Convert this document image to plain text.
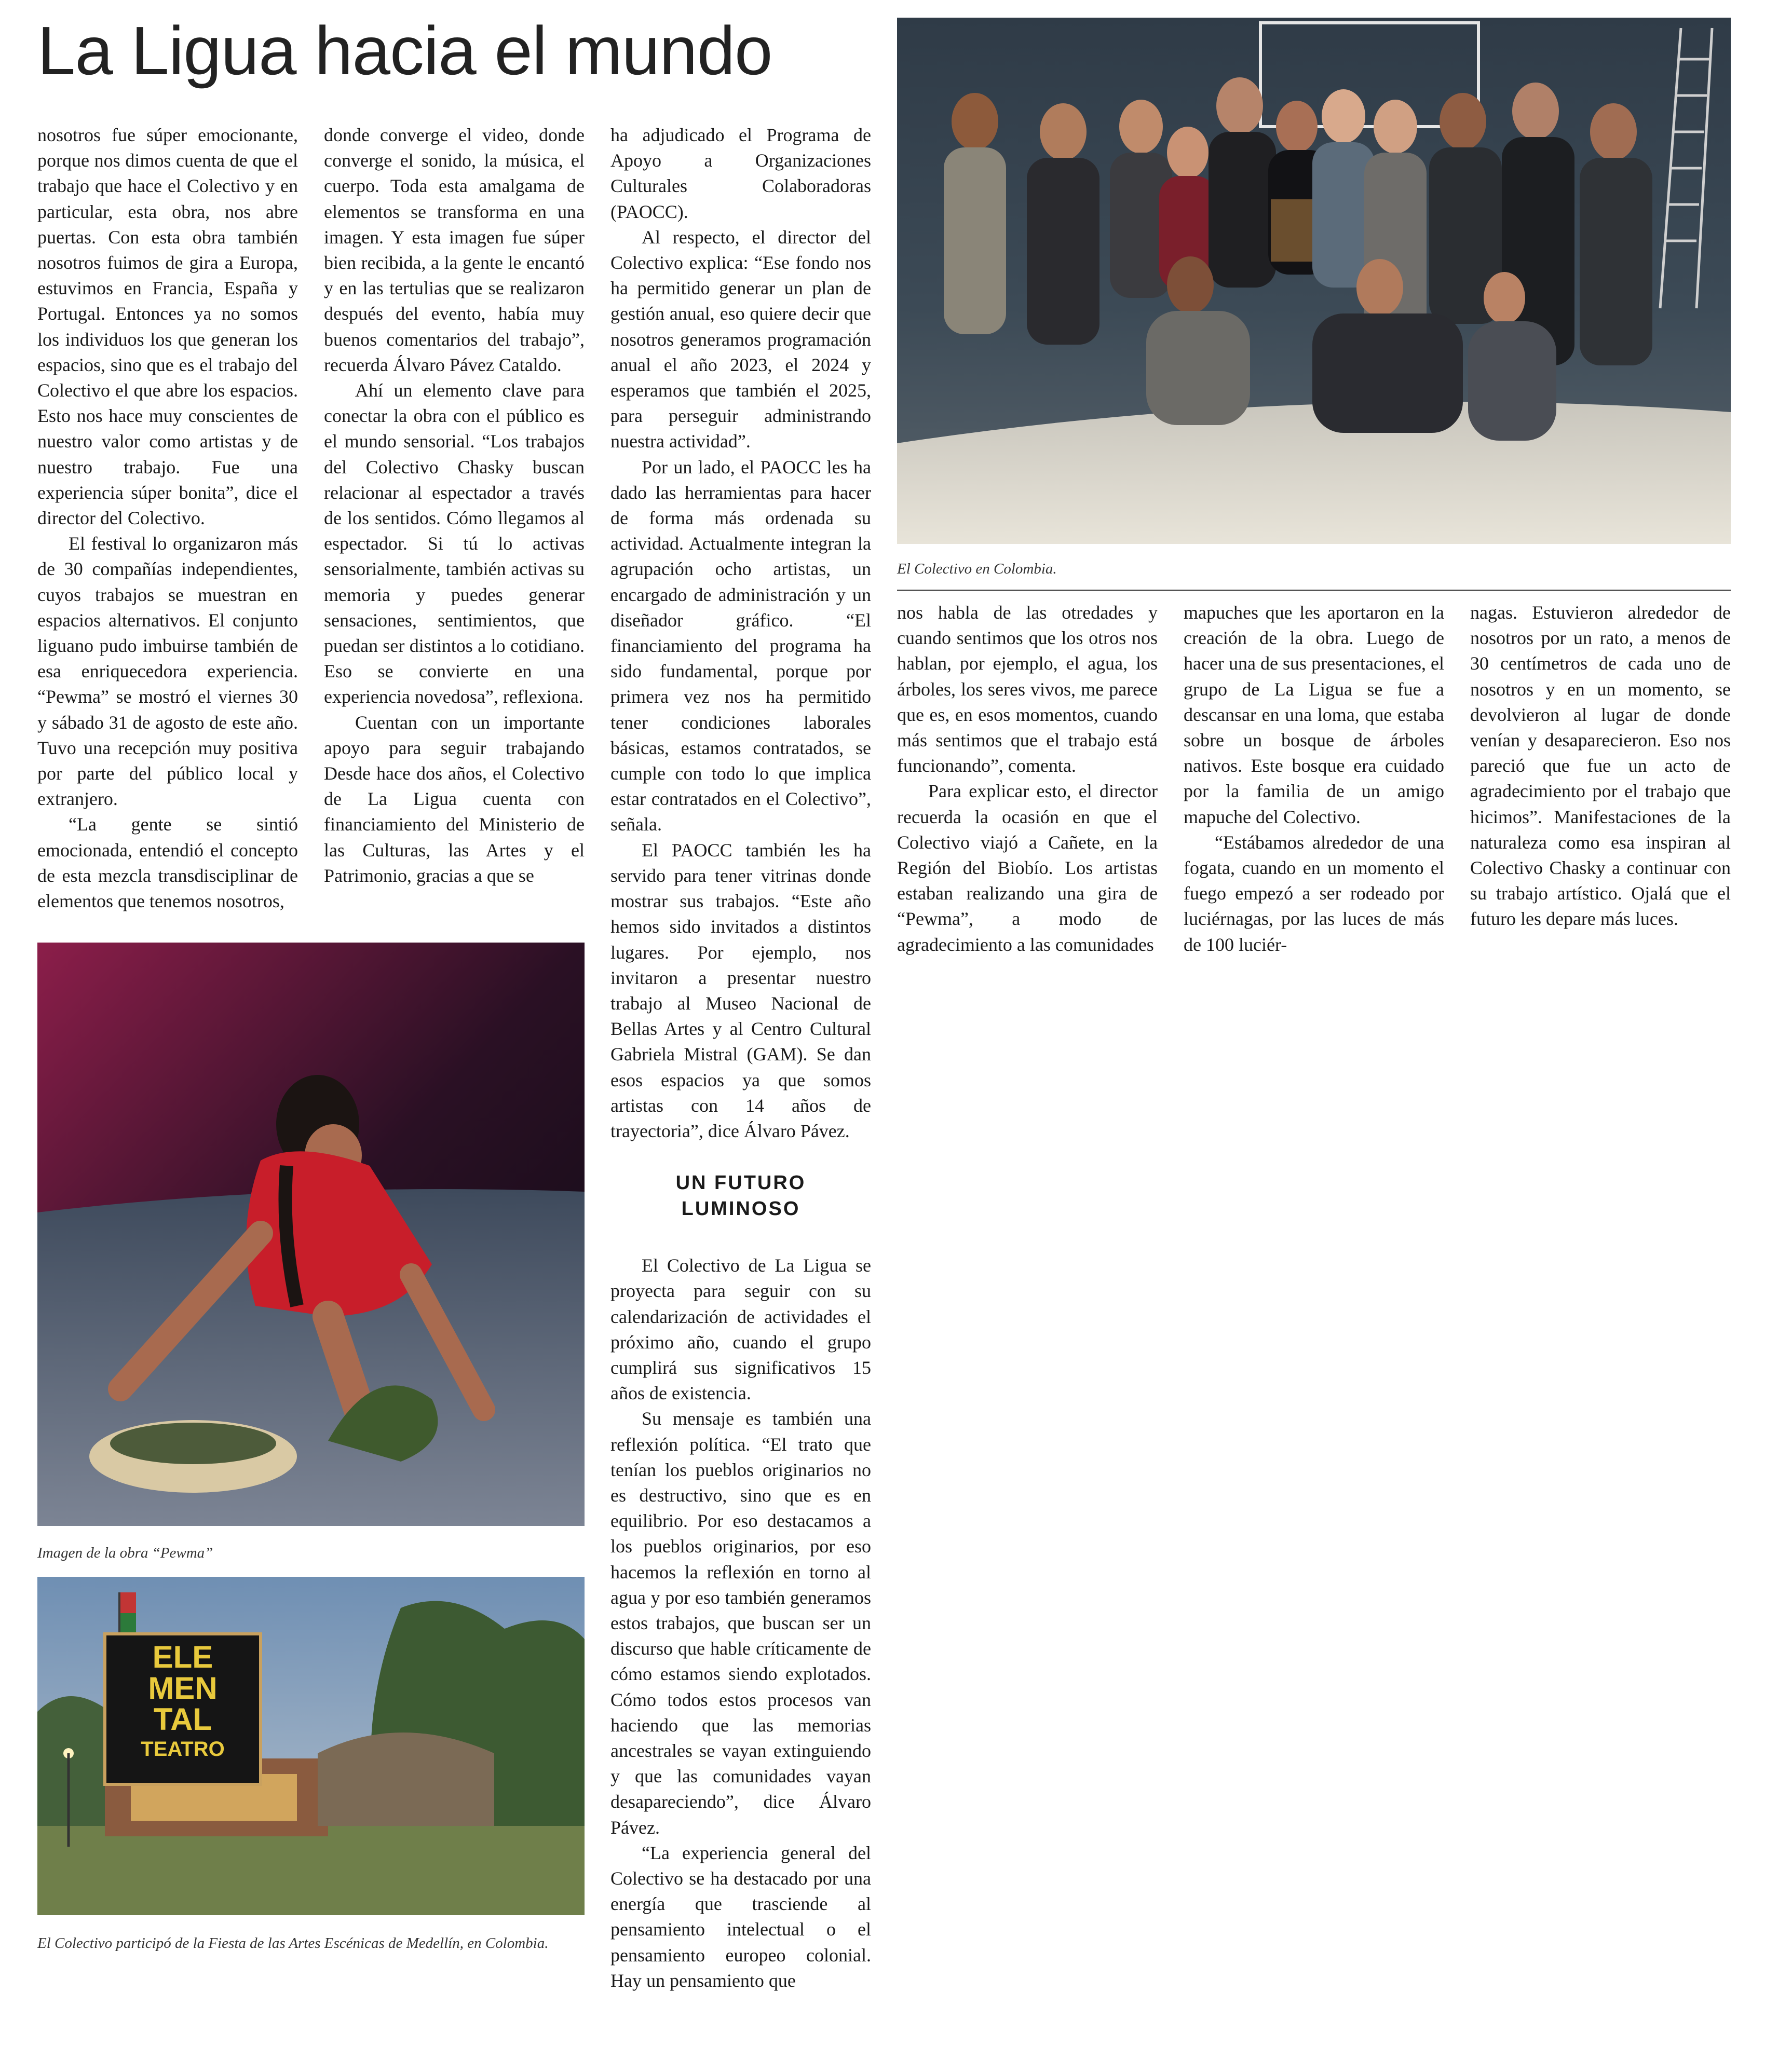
La Ligua hacia el mundo

nosotros fue súper emocionante, porque nos dimos cuenta de que el trabajo que hace el Colectivo y en particular, esta obra, nos abre puertas. Con esta obra también nosotros fuimos de gira a Europa, estuvimos en Francia, España y Portugal. Entonces ya no somos los individuos los que generan los espacios, sino que es el trabajo del Colectivo el que abre los espacios. Esto nos hace muy conscientes de nuestro valor como artistas y de nuestro trabajo. Fue una experiencia súper bonita”, dice el director del Colectivo.

El festival lo organizaron más de 30 compañías independientes, cuyos trabajos se muestran en espacios alternativos. El conjunto liguano pudo imbuirse también de esa enriquecedora experiencia. “Pewma” se mostró el viernes 30 y sábado 31 de agosto de este año. Tuvo una recepción muy positiva por parte del público local y extranjero.

“La gente se sintió emocionada, entendió el concepto de esta mezcla transdisciplinar de elementos que tenemos nosotros,

donde converge el video, donde converge el sonido, la música, el cuerpo. Toda esta amalgama de elementos se transforma en una imagen. Y esta imagen fue súper bien recibida, a la gente le encantó y en las tertulias que se realizaron después del evento, había muy buenos comentarios del trabajo”, recuerda Álvaro Pávez Cataldo.

Ahí un elemento clave para conectar la obra con el público es el mundo sensorial. “Los trabajos del Colectivo Chasky buscan relacionar al espectador a través de los sentidos. Cómo llegamos al espectador. Si tú lo activas sensorialmente, también activas su memoria y puedes generar sensaciones, sentimientos, que puedan ser distintos a lo cotidiano. Eso se convierte en una experiencia novedosa”, reflexiona.

Cuentan con un importante apoyo para seguir trabajando Desde hace dos años, el Colectivo de La Ligua cuenta con financiamiento del Ministerio de las Culturas, las Artes y el Patrimonio, gracias a que se

ha adjudicado el Programa de Apoyo a Organizaciones Culturales Colaboradoras (PAOCC).

Al respecto, el director del Colectivo explica: “Ese fondo nos ha permitido generar un plan de gestión anual, eso quiere decir que nosotros generamos programación anual el año 2023, el 2024 y esperamos que también el 2025, para perseguir administrando nuestra actividad”.

Por un lado, el PAOCC les ha dado las herramientas para hacer de forma más ordenada su actividad. Actualmente integran la agrupación ocho artistas, un encargado de administración y un diseñador gráfico. “El financiamiento del programa ha sido fundamental, porque por primera vez nos ha permitido tener condiciones laborales básicas, estamos contratados, se cumple con todo lo que implica estar contratados en el Colectivo”, señala.

El PAOCC también les ha servido para tener vitrinas donde mostrar sus trabajos. “Este año hemos sido invitados a distintos lugares. Por ejemplo, nos invitaron a presentar nuestro trabajo al Museo Nacional de Bellas Artes y al Centro Cultural Gabriela Mistral (GAM). Se dan esos espacios ya que somos artistas con 14 años de trayectoria”, dice Álvaro Pávez.

UN FUTURO
LUMINOSO

El Colectivo de La Ligua se proyecta para seguir con su calendarización de actividades el próximo año, cuando el grupo cumplirá sus significativos 15 años de existencia.

Su mensaje es también una reflexión política. “El trato que tenían los pueblos originarios no es destructivo, sino que es en equilibrio. Por eso destacamos a los pueblos originarios, por eso hacemos la reflexión en torno al agua y por eso también generamos estos trabajos, que buscan ser un discurso que hable críticamente de cómo estamos siendo explotados. Cómo todos estos procesos van haciendo que las memorias ancestrales se vayan extinguiendo y que las comunidades vayan desapareciendo”, dice Álvaro Pávez.

“La experiencia general del Colectivo se ha destacado por una energía que trasciende al pensamiento intelectual o el pensamiento europeo colonial. Hay un pensamiento que

nos habla de las otredades y cuando sentimos que los otros nos hablan, por ejemplo, el agua, los árboles, los seres vivos, me parece que es, en esos momentos, cuando más sentimos que el trabajo está funcionando”, comenta.

Para explicar esto, el director recuerda la ocasión en que el Colectivo viajó a Cañete, en la Región del Biobío. Los artistas estaban realizando una gira de “Pewma”, a modo de agradecimiento a las comunidades

mapuches que les aportaron en la creación de la obra. Luego de hacer una de sus presentaciones, el grupo de La Ligua se fue a descansar en una loma, que estaba sobre un bosque de árboles nativos. Este bosque era cuidado por la familia de un amigo mapuche del Colectivo.

“Estábamos alrededor de una fogata, cuando en un momento el fuego empezó a ser rodeado por luciérnagas, por las luces de más de 100 luciér-

nagas. Estuvieron alrededor de nosotros por un rato, a menos de 30 centímetros de cada uno de nosotros y en un momento, se devolvieron al lugar de donde venían y desaparecieron. Eso nos pareció que fue un acto de agradecimiento por el trabajo que hicimos”. Manifestaciones de la naturaleza como esa inspiran al Colectivo Chasky a continuar con su trabajo artístico. Ojalá que el futuro les depare más luces.

El Colectivo en Colombia.
Imagen de la obra “Pewma”
ELE
MEN
TAL
TEATRO
El Colectivo participó de la Fiesta de las Artes Escénicas de Medellín, en Colombia.
